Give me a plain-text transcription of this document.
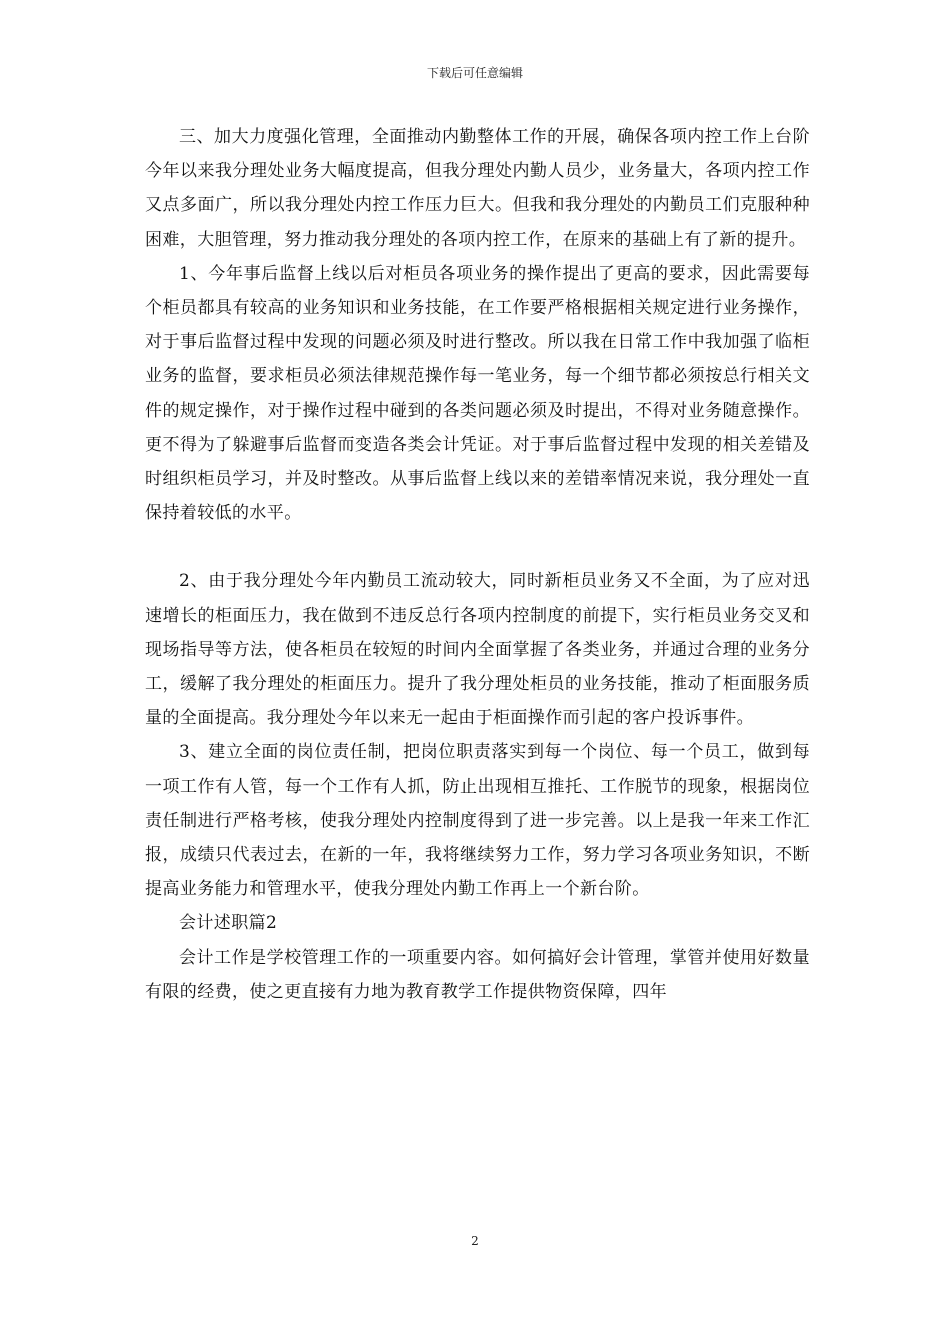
下载后可任意编辑

三、加大力度强化管理，全面推动内勤整体工作的开展，确保各项内控工作上台阶今年以来我分理处业务大幅度提高，但我分理处内勤人员少，业务量大，各项内控工作又点多面广，所以我分理处内控工作压力巨大。但我和我分理处的内勤员工们克服种种困难，大胆管理，努力推动我分理处的各项内控工作，在原来的基础上有了新的提升。

1、今年事后监督上线以后对柜员各项业务的操作提出了更高的要求，因此需要每个柜员都具有较高的业务知识和业务技能，在工作要严格根据相关规定进行业务操作，对于事后监督过程中发现的问题必须及时进行整改。所以我在日常工作中我加强了临柜业务的监督，要求柜员必须法律规范操作每一笔业务，每一个细节都必须按总行相关文件的规定操作，对于操作过程中碰到的各类问题必须及时提出，不得对业务随意操作。更不得为了躲避事后监督而变造各类会计凭证。对于事后监督过程中发现的相关差错及时组织柜员学习，并及时整改。从事后监督上线以来的差错率情况来说，我分理处一直保持着较低的水平。

2、由于我分理处今年内勤员工流动较大，同时新柜员业务又不全面，为了应对迅速增长的柜面压力，我在做到不违反总行各项内控制度的前提下，实行柜员业务交叉和现场指导等方法，使各柜员在较短的时间内全面掌握了各类业务，并通过合理的业务分工，缓解了我分理处的柜面压力。提升了我分理处柜员的业务技能，推动了柜面服务质量的全面提高。我分理处今年以来无一起由于柜面操作而引起的客户投诉事件。

3、建立全面的岗位责任制，把岗位职责落实到每一个岗位、每一个员工，做到每一项工作有人管，每一个工作有人抓，防止出现相互推托、工作脱节的现象，根据岗位责任制进行严格考核，使我分理处内控制度得到了进一步完善。以上是我一年来工作汇报，成绩只代表过去，在新的一年，我将继续努力工作，努力学习各项业务知识，不断提高业务能力和管理水平，使我分理处内勤工作再上一个新台阶。

会计述职篇2

会计工作是学校管理工作的一项重要内容。如何搞好会计管理，掌管并使用好数量有限的经费，使之更直接有力地为教育教学工作提供物资保障，四年

2
